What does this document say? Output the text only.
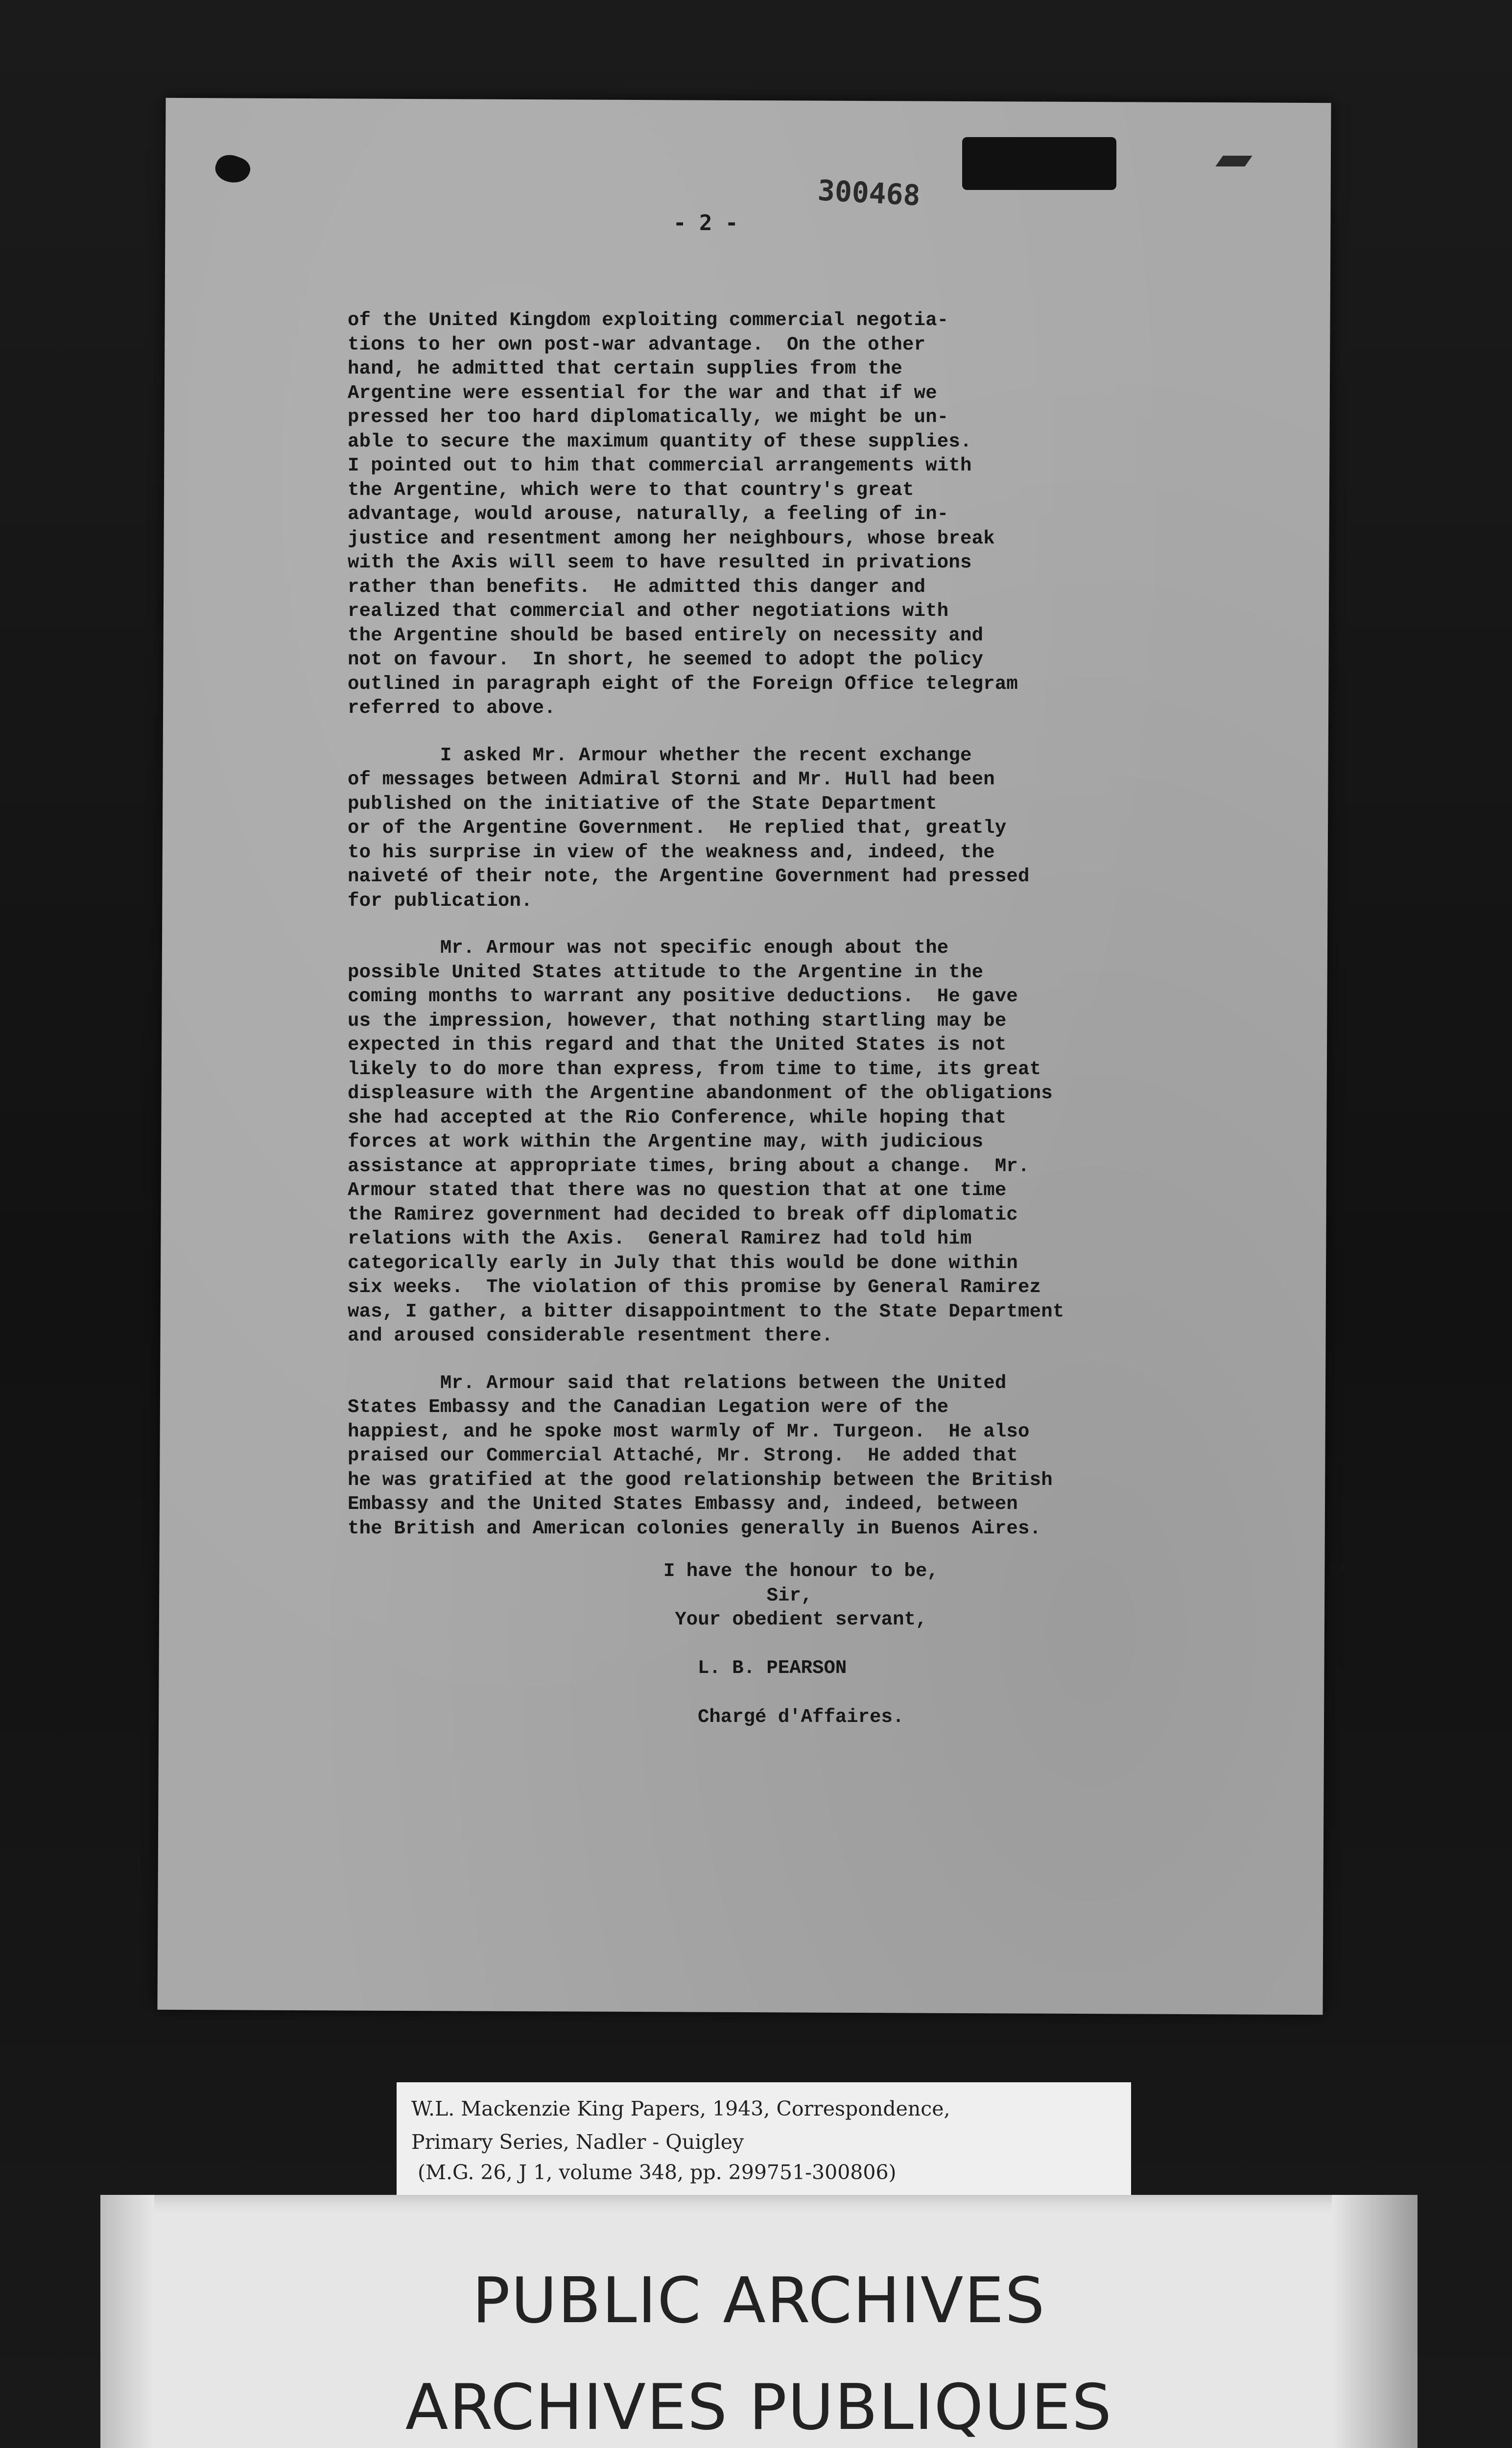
300468

- 2 -

of the United Kingdom exploiting commercial negotia-
tions to her own post-war advantage.  On the other
hand, he admitted that certain supplies from the
Argentine were essential for the war and that if we
pressed her too hard diplomatically, we might be un-
able to secure the maximum quantity of these supplies.
I pointed out to him that commercial arrangements with
the Argentine, which were to that country's great
advantage, would arouse, naturally, a feeling of in-
justice and resentment among her neighbours, whose break
with the Axis will seem to have resulted in privations
rather than benefits.  He admitted this danger and
realized that commercial and other negotiations with
the Argentine should be based entirely on necessity and
not on favour.  In short, he seemed to adopt the policy
outlined in paragraph eight of the Foreign Office telegram
referred to above.

I asked Mr. Armour whether the recent exchange
of messages between Admiral Storni and Mr. Hull had been
published on the initiative of the State Department
or of the Argentine Government.  He replied that, greatly
to his surprise in view of the weakness and, indeed, the
naiveté of their note, the Argentine Government had pressed
for publication.

Mr. Armour was not specific enough about the
possible United States attitude to the Argentine in the
coming months to warrant any positive deductions.  He gave
us the impression, however, that nothing startling may be
expected in this regard and that the United States is not
likely to do more than express, from time to time, its great
displeasure with the Argentine abandonment of the obligations
she had accepted at the Rio Conference, while hoping that
forces at work within the Argentine may, with judicious
assistance at appropriate times, bring about a change.  Mr.
Armour stated that there was no question that at one time
the Ramirez government had decided to break off diplomatic
relations with the Axis.  General Ramirez had told him
categorically early in July that this would be done within
six weeks.  The violation of this promise by General Ramirez
was, I gather, a bitter disappointment to the State Department
and aroused considerable resentment there.

Mr. Armour said that relations between the United
States Embassy and the Canadian Legation were of the
happiest, and he spoke most warmly of Mr. Turgeon.  He also
praised our Commercial Attaché, Mr. Strong.  He added that
he was gratified at the good relationship between the British
Embassy and the United States Embassy and, indeed, between
the British and American colonies generally in Buenos Aires.

I have the honour to be,
Sir,
Your obedient servant,
L. B. PEARSON
Chargé d'Affaires.
W.L. Mackenzie King Papers, 1943, Correspondence,
Primary Series, Nadler - Quigley
(M.G. 26, J 1, volume 348, pp. 299751-300806)
PUBLIC ARCHIVES
ARCHIVES PUBLIQUES
